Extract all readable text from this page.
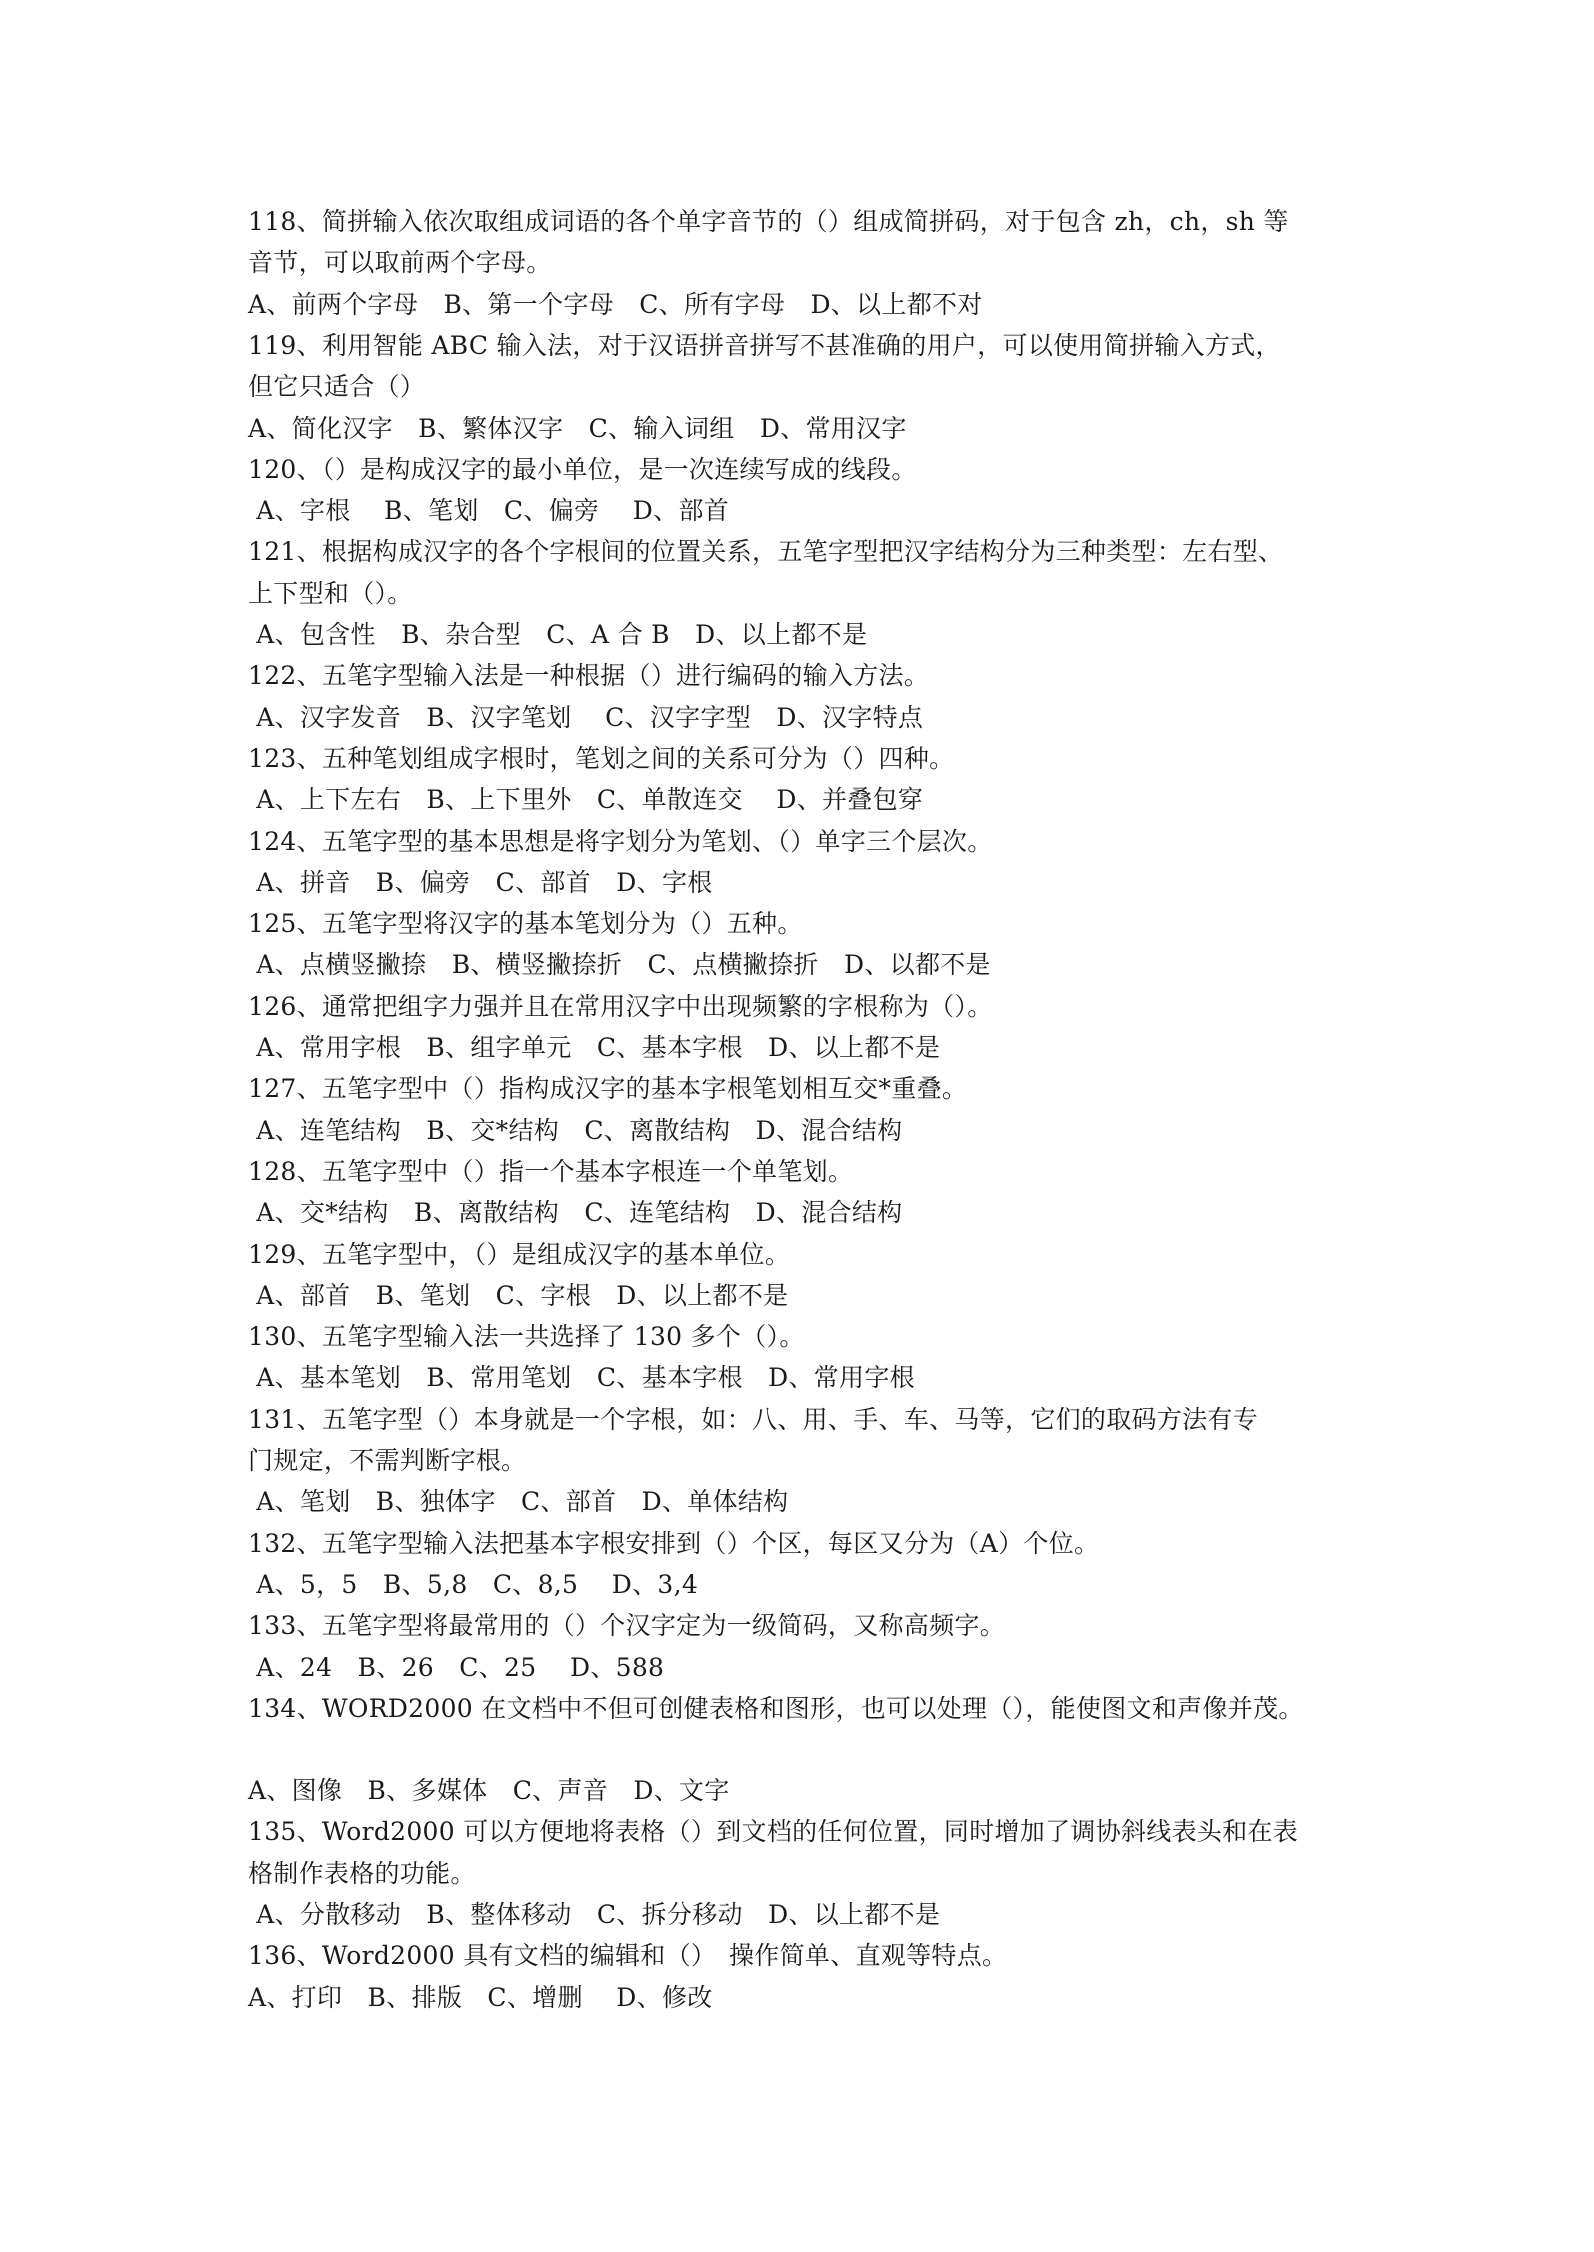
118、简拼输入依次取组成词语的各个单字音节的（）组成简拼码，对于包含 zh，ch，sh 等
音节，可以取前两个字母。
A、前两个字母　B、第一个字母　C、所有字母　D、以上都不对
119、利用智能 ABC 输入法，对于汉语拼音拼写不甚准确的用户，可以使用简拼输入方式，
但它只适合（）
A、简化汉字　B、繁体汉字　C、输入词组　D、常用汉字
120、（）是构成汉字的最小单位，是一次连续写成的线段。
A、字根　 B、笔划　C、偏旁　 D、部首
121、根据构成汉字的各个字根间的位置关系，五笔字型把汉字结构分为三种类型：左右型、
上下型和（）。
A、包含性　B、杂合型　C、A 合 B　D、以上都不是
122、五笔字型输入法是一种根据（）进行编码的输入方法。
A、汉字发音　B、汉字笔划　 C、汉字字型　D、汉字特点
123、五种笔划组成字根时，笔划之间的关系可分为（）四种。
A、上下左右　B、上下里外　C、单散连交　 D、并叠包穿
124、五笔字型的基本思想是将字划分为笔划、（）单字三个层次。
A、拼音　B、偏旁　C、部首　D、字根
125、五笔字型将汉字的基本笔划分为（）五种。
A、点横竖撇捺　B、横竖撇捺折　C、点横撇捺折　D、以都不是
126、通常把组字力强并且在常用汉字中出现频繁的字根称为（）。
A、常用字根　B、组字单元　C、基本字根　D、以上都不是
127、五笔字型中（）指构成汉字的基本字根笔划相互交*重叠。
A、连笔结构　B、交*结构　C、离散结构　D、混合结构
128、五笔字型中（）指一个基本字根连一个单笔划。
A、交*结构　B、离散结构　C、连笔结构　D、混合结构
129、五笔字型中，（）是组成汉字的基本单位。
A、部首　B、笔划　C、字根　D、以上都不是
130、五笔字型输入法一共选择了 130 多个（）。
A、基本笔划　B、常用笔划　C、基本字根　D、常用字根
131、五笔字型（）本身就是一个字根，如：八、用、手、车、马等，它们的取码方法有专
门规定，不需判断字根。
A、笔划　B、独体字　C、部首　D、单体结构
132、五笔字型输入法把基本字根安排到（）个区，每区又分为（A）个位。
A、5，5　B、5,8　C、8,5　 D、3,4
133、五笔字型将最常用的（）个汉字定为一级简码，又称高频字。
A、24　B、26　C、25　 D、588
134、WORD2000 在文档中不但可创健表格和图形，也可以处理（），能使图文和声像并茂。
A、图像　B、多媒体　C、声音　D、文字
135、Word2000 可以方便地将表格（）到文档的任何位置，同时增加了调协斜线表头和在表
格制作表格的功能。
A、分散移动　B、整体移动　C、拆分移动　D、以上都不是
136、Word2000 具有文档的编辑和（）　操作简单、直观等特点。
A、打印　B、排版　C、增删　 D、修改
